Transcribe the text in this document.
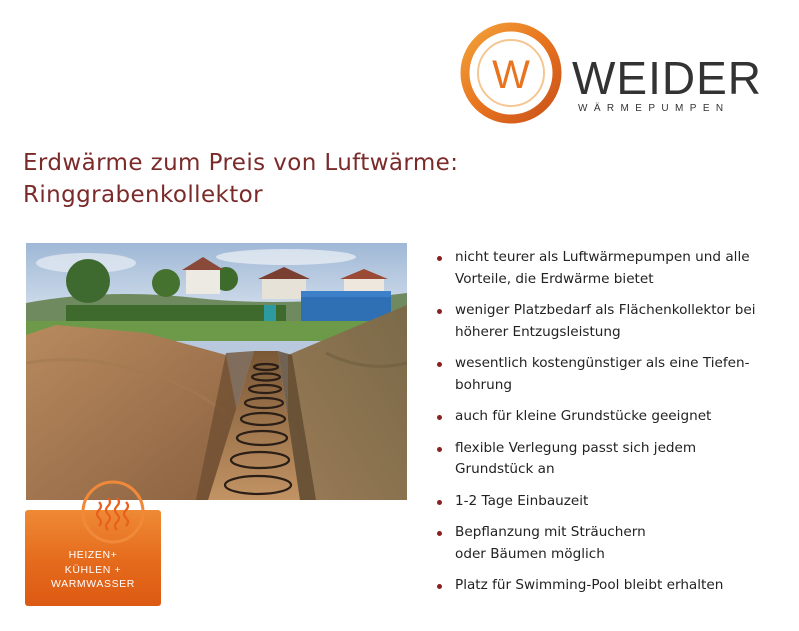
W WEIDER
WÄRMEPUMPEN
Erdwärme zum Preis von Luftwärme:
Ringgrabenkollektor
HEIZEN+
KÜHLEN +
WARMWASSER
nicht teurer als Luftwärmepumpen und alle
Vorteile, die Erdwärme bietet
weniger Platzbedarf als Flächenkollektor bei
höherer Entzugsleistung
wesentlich kostengünstiger als eine Tiefen-
bohrung
auch für kleine Grundstücke geeignet
flexible Verlegung passt sich jedem
Grundstück an
1-2 Tage Einbauzeit
Bepflanzung mit Sträuchern
oder Bäumen möglich
Platz für Swimming-Pool bleibt erhalten
